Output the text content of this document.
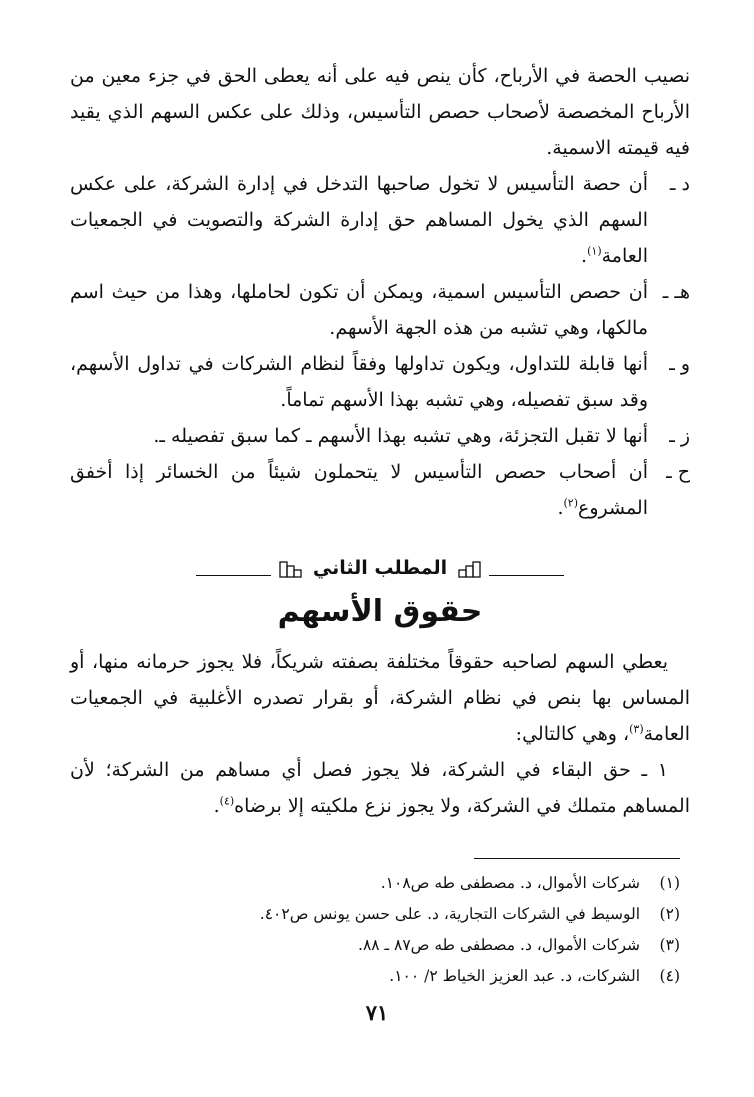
نصيب الحصة في الأرباح، كأن ينص فيه على أنه يعطى الحق في جزء معين من الأرباح المخصصة لأصحاب حصص التأسيس، وذلك على عكس السهم الذي يقيد فيه قيمته الاسمية.

د ـ
أن حصة التأسيس لا تخول صاحبها التدخل في إدارة الشركة، على عكس السهم الذي يخول المساهم حق إدارة الشركة والتصويت في الجمعيات العامة$^{(١)}$.
هـ ـ
أن حصص التأسيس اسمية، ويمكن أن تكون لحاملها، وهذا من حيث اسم مالكها، وهي تشبه من هذه الجهة الأسهم.
و ـ
أنها قابلة للتداول، ويكون تداولها وفقاً لنظام الشركات في تداول الأسهم، وقد سبق تفصيله، وهي تشبه بهذا الأسهم تماماً.
ز ـ
أنها لا تقبل التجزئة، وهي تشبه بهذا الأسهم ـ كما سبق تفصيله ـ.
ح ـ
أن أصحاب حصص التأسيس لا يتحملون شيئاً من الخسائر إذا أخفق المشروع$^{(٢)}$.
المطلب الثاني
حقوق الأسهم

يعطي السهم لصاحبه حقوقاً مختلفة بصفته شريكاً، فلا يجوز حرمانه منها، أو المساس بها بنص في نظام الشركة، أو بقرار تصدره الأغلبية في الجمعيات العامة$^{(٣)}$، وهي كالتالي:

١ ـ حق البقاء في الشركة، فلا يجوز فصل أي مساهم من الشركة؛ لأن المساهم متملك في الشركة، ولا يجوز نزع ملكيته إلا برضاه$^{(٤)}$.

(١)
شركات الأموال، د. مصطفى طه ص١٠٨.
(٢)
الوسيط في الشركات التجارية، د. على حسن يونس ص٤٠٢.
(٣)
شركات الأموال، د. مصطفى طه ص٨٧ ـ ٨٨.
(٤)
الشركات، د. عبد العزيز الخياط ٢/ ١٠٠.
٧١
